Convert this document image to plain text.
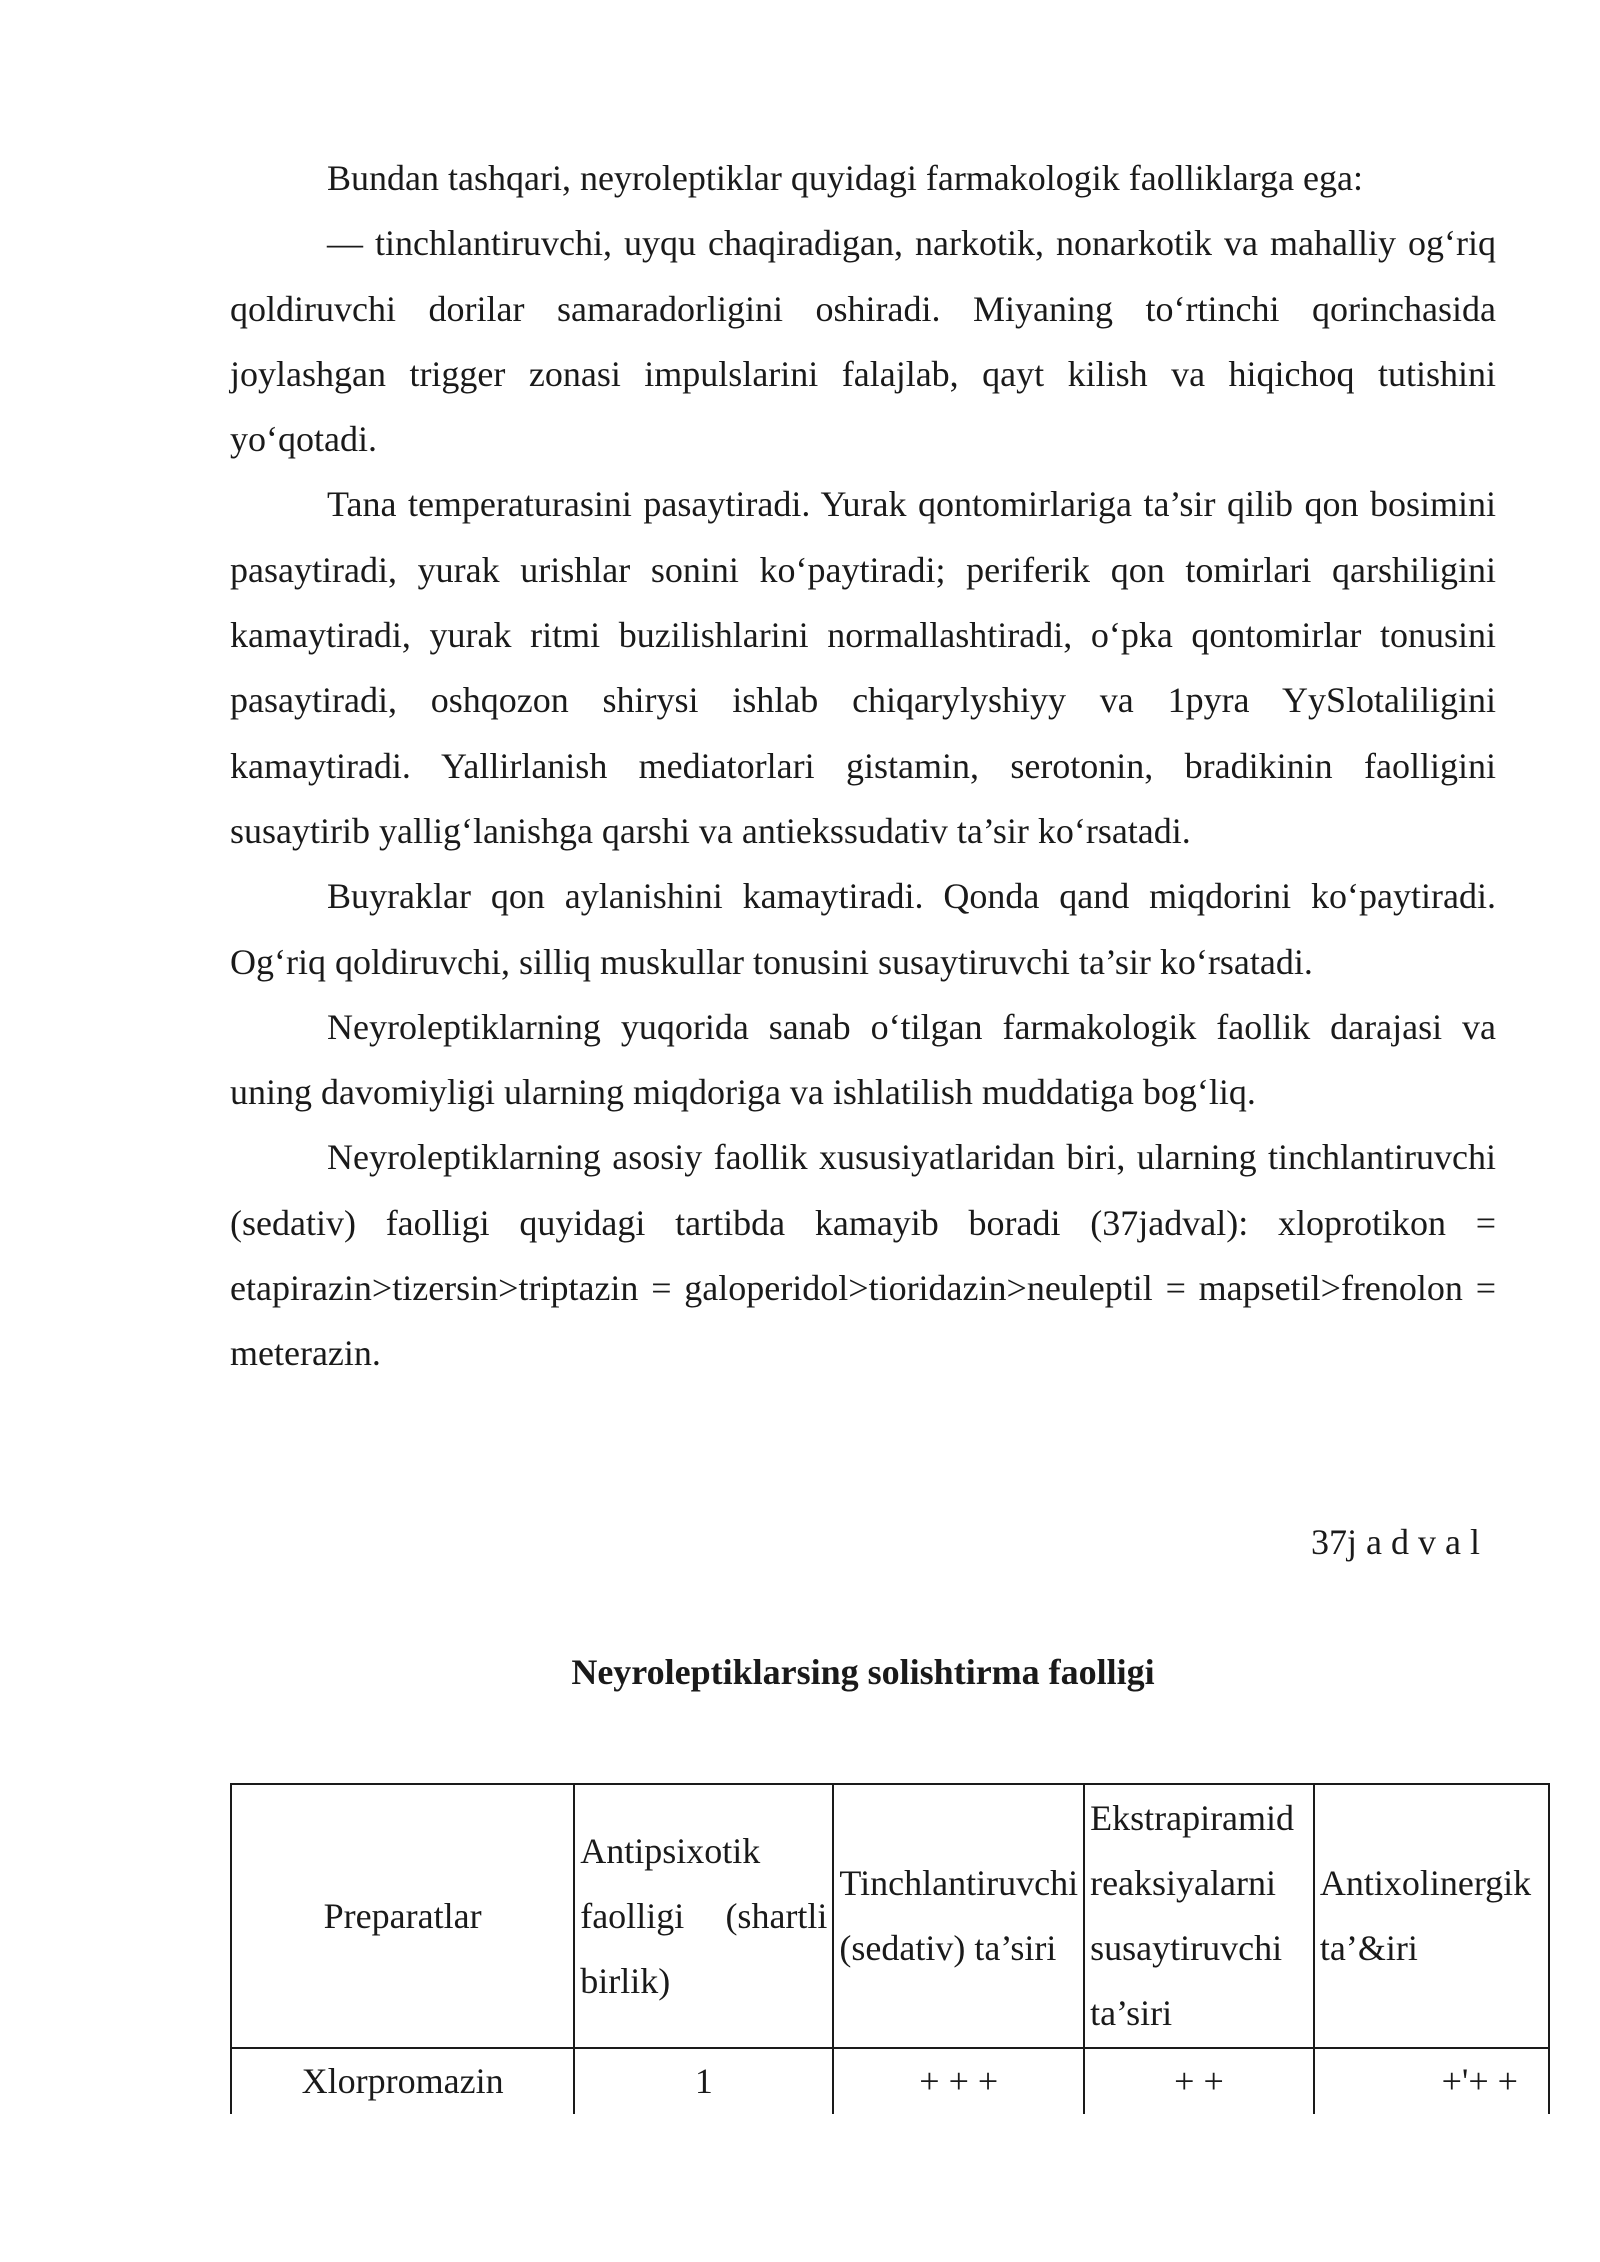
Bundan tashqari, neyroleptiklar quyidagi farmakologik faolliklarga ega:

— tinchlantiruvchi, uyqu chaqiradigan, narkotik, nonarkotik va mahalliy og‘riq qoldiruvchi dorilar samaradorligini oshiradi. Miyaning to‘rtinchi qorinchasida joylashgan trigger zonasi impulslarini falajlab, qayt kilish va hiqichoq tutishini yo‘qotadi.

Tana temperaturasini pasaytiradi. Yurak qontomirlariga ta’sir qilib qon bosimini pasaytiradi, yurak urishlar sonini ko‘paytiradi; periferik qon tomirlari qarshiligini kamaytiradi, yurak ritmi buzilishlarini normallashtiradi, o‘pka qontomirlar tonusini pasaytiradi, oshqozon shirysi ishlab chiqarylyshiyy va 1pyra YySlotaliligini kamaytiradi. Yallirlanish mediatorlari gistamin, serotonin, bradikinin faolligini susaytirib yallig‘lanishga qarshi va antiekssudativ ta’sir ko‘rsatadi.

Buyraklar qon aylanishini kamaytiradi. Qonda qand miqdorini ko‘paytiradi. Og‘riq qoldiruvchi, silliq muskullar tonusini susaytiruvchi ta’sir ko‘rsatadi.

Neyroleptiklarning yuqorida sanab o‘tilgan farmakologik faollik darajasi va uning davomiyligi ularning miqdoriga va ishlatilish muddatiga bog‘liq.

Neyroleptiklarning asosiy faollik xususiyatlaridan biri, ularning tinchlantiruvchi (sedativ) faolligi quyidagi tartibda kamayib boradi (37jadval): xloprotikon = etapirazin>tizersin>triptazin = galoperidol>tioridazin>neuleptil = mapsetil>frenolon = meterazin.

37j a d v a l
Neyroleptiklarsing solishtirma faolligi
Preparatlar	Antipsixotik faolligi (shartli birlik)	Tinchlantiruvchi (sedativ) ta’siri	Ekstrapiramid reaksiyalarni susaytiruvchi ta’siri	Antixolinergik ta’&iri
Xlorpromazin	1	+ + +	+ +	+'+ +
